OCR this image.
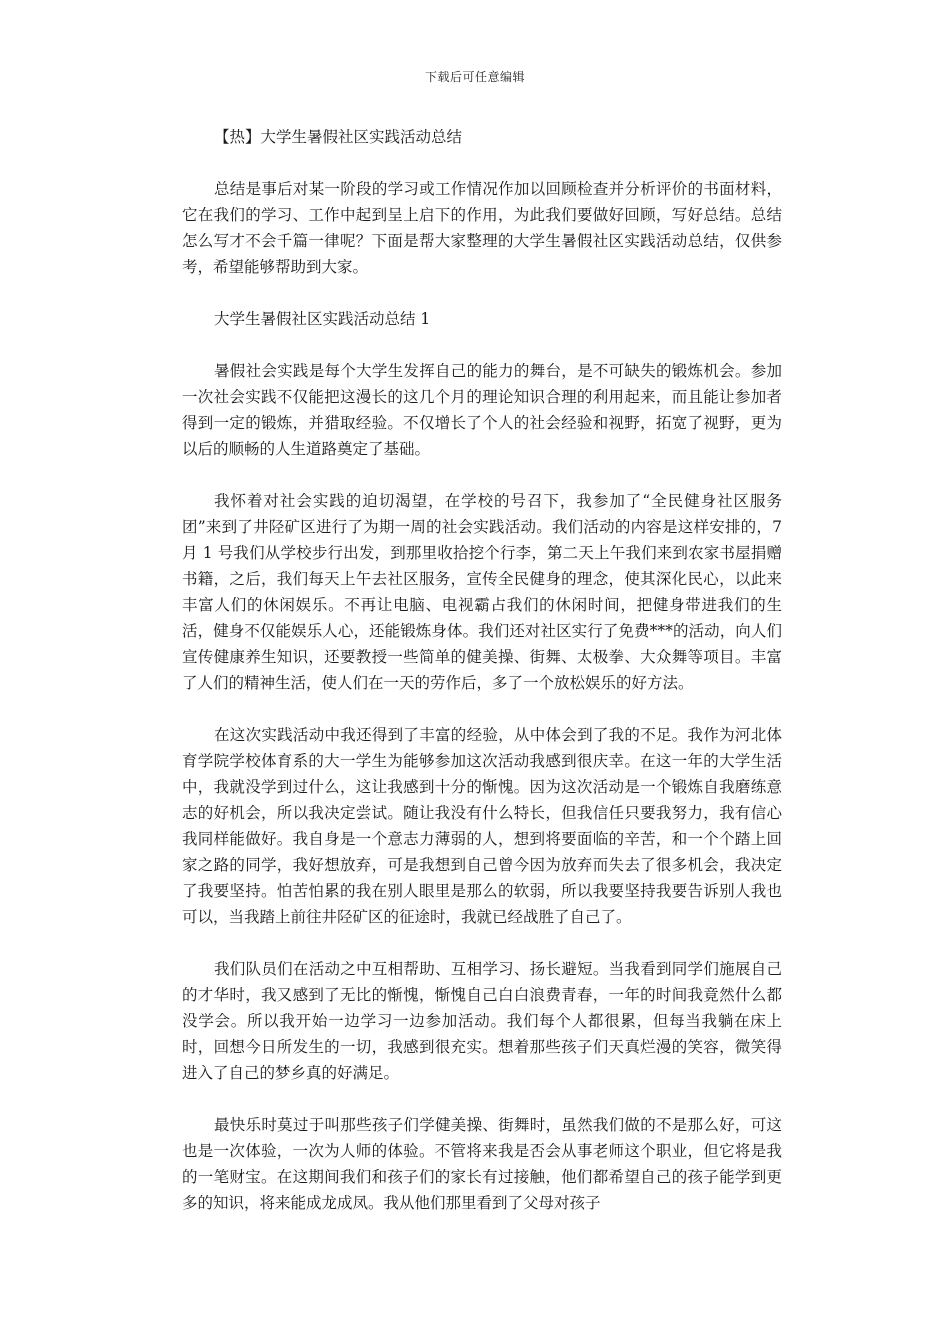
下载后可任意编辑

【热】大学生暑假社区实践活动总结

总结是事后对某一阶段的学习或工作情况作加以回顾检查并分析评价的书面材料，它在我们的学习、工作中起到呈上启下的作用，为此我们要做好回顾，写好总结。总结怎么写才不会千篇一律呢？下面是帮大家整理的大学生暑假社区实践活动总结，仅供参考，希望能够帮助到大家。

大学生暑假社区实践活动总结 1

暑假社会实践是每个大学生发挥自己的能力的舞台，是不可缺失的锻炼机会。参加一次社会实践不仅能把这漫长的这几个月的理论知识合理的利用起来，而且能让参加者得到一定的锻炼，并猎取经验。不仅增长了个人的社会经验和视野，拓宽了视野，更为以后的顺畅的人生道路奠定了基础。

我怀着对社会实践的迫切渴望，在学校的号召下，我参加了“全民健身社区服务团”来到了井陉矿区进行了为期一周的社会实践活动。我们活动的内容是这样安排的，7 月 1 号我们从学校步行出发，到那里收拾挖个行李，第二天上午我们来到农家书屋捐赠书籍，之后，我们每天上午去社区服务，宣传全民健身的理念，使其深化民心，以此来丰富人们的休闲娱乐。不再让电脑、电视霸占我们的休闲时间，把健身带进我们的生活，健身不仅能娱乐人心，还能锻炼身体。我们还对社区实行了免费***的活动，向人们宣传健康养生知识，还要教授一些简单的健美操、街舞、太极拳、大众舞等项目。丰富了人们的精神生活，使人们在一天的劳作后，多了一个放松娱乐的好方法。

在这次实践活动中我还得到了丰富的经验，从中体会到了我的不足。我作为河北体育学院学校体育系的大一学生为能够参加这次活动我感到很庆幸。在这一年的大学生活中，我就没学到过什么，这让我感到十分的惭愧。因为这次活动是一个锻炼自我磨练意志的好机会，所以我决定尝试。随让我没有什么特长，但我信任只要我努力，我有信心我同样能做好。我自身是一个意志力薄弱的人，想到将要面临的辛苦，和一个个踏上回家之路的同学，我好想放弃，可是我想到自己曾今因为放弃而失去了很多机会，我决定了我要坚持。怕苦怕累的我在别人眼里是那么的软弱，所以我要坚持我要告诉别人我也可以，当我踏上前往井陉矿区的征途时，我就已经战胜了自己了。

我们队员们在活动之中互相帮助、互相学习、扬长避短。当我看到同学们施展自己的才华时，我又感到了无比的惭愧，惭愧自己白白浪费青春，一年的时间我竟然什么都没学会。所以我开始一边学习一边参加活动。我们每个人都很累，但每当我躺在床上时，回想今日所发生的一切，我感到很充实。想着那些孩子们天真烂漫的笑容，微笑得进入了自己的梦乡真的好满足。

最快乐时莫过于叫那些孩子们学健美操、街舞时，虽然我们做的不是那么好，可这也是一次体验，一次为人师的体验。不管将来我是否会从事老师这个职业，但它将是我的一笔财宝。在这期间我们和孩子们的家长有过接触，他们都希望自己的孩子能学到更多的知识，将来能成龙成凤。我从他们那里看到了父母对孩子
